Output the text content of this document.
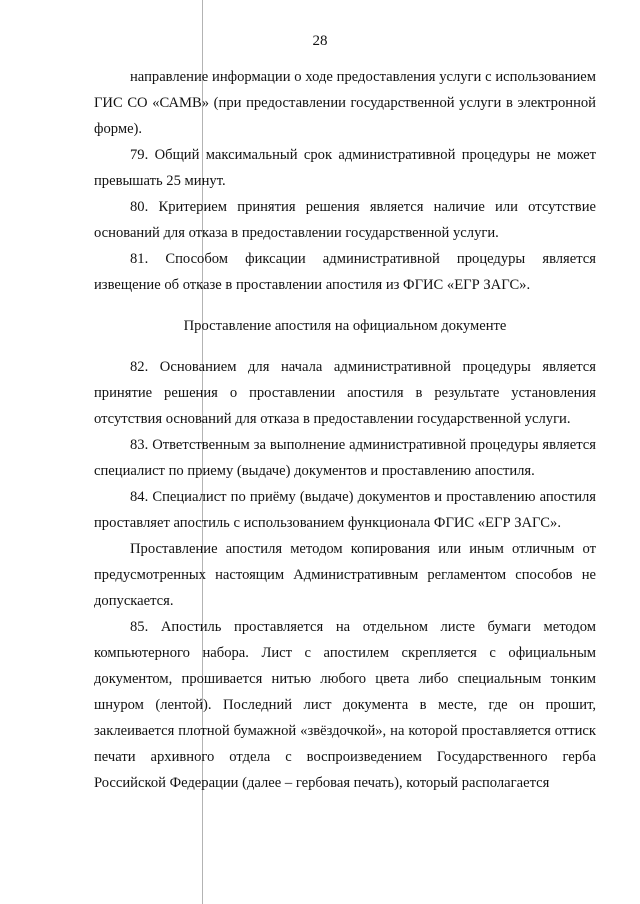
28

направление информации о ходе предоставления услуги с использованием ГИС СО «САМВ» (при предоставлении государственной услуги в электронной форме).

79. Общий максимальный срок административной процедуры не может превышать 25 минут.

80. Критерием принятия решения является наличие или отсутствие оснований для отказа в предоставлении государственной услуги.

81. Способом фиксации административной процедуры является извещение об отказе в проставлении апостиля из ФГИС «ЕГР ЗАГС».

Проставление апостиля на официальном документе

82. Основанием для начала административной процедуры является принятие решения о проставлении апостиля в результате установления отсутствия оснований для отказа в предоставлении государственной услуги.

83. Ответственным за выполнение административной процедуры является специалист по приему (выдаче) документов и проставлению апостиля.

84. Специалист по приёму (выдаче) документов и проставлению апостиля проставляет апостиль с использованием функционала ФГИС «ЕГР ЗАГС».

Проставление апостиля методом копирования или иным отличным от предусмотренных настоящим Административным регламентом способов не допускается.

85. Апостиль проставляется на отдельном листе бумаги методом компьютерного набора. Лист с апостилем скрепляется с официальным документом, прошивается нитью любого цвета либо специальным тонким шнуром (лентой). Последний лист документа в месте, где он прошит, заклеивается плотной бумажной «звёздочкой», на которой проставляется оттиск печати архивного отдела с воспроизведением Государственного герба Российской Федерации (далее – гербовая печать), который располагается
